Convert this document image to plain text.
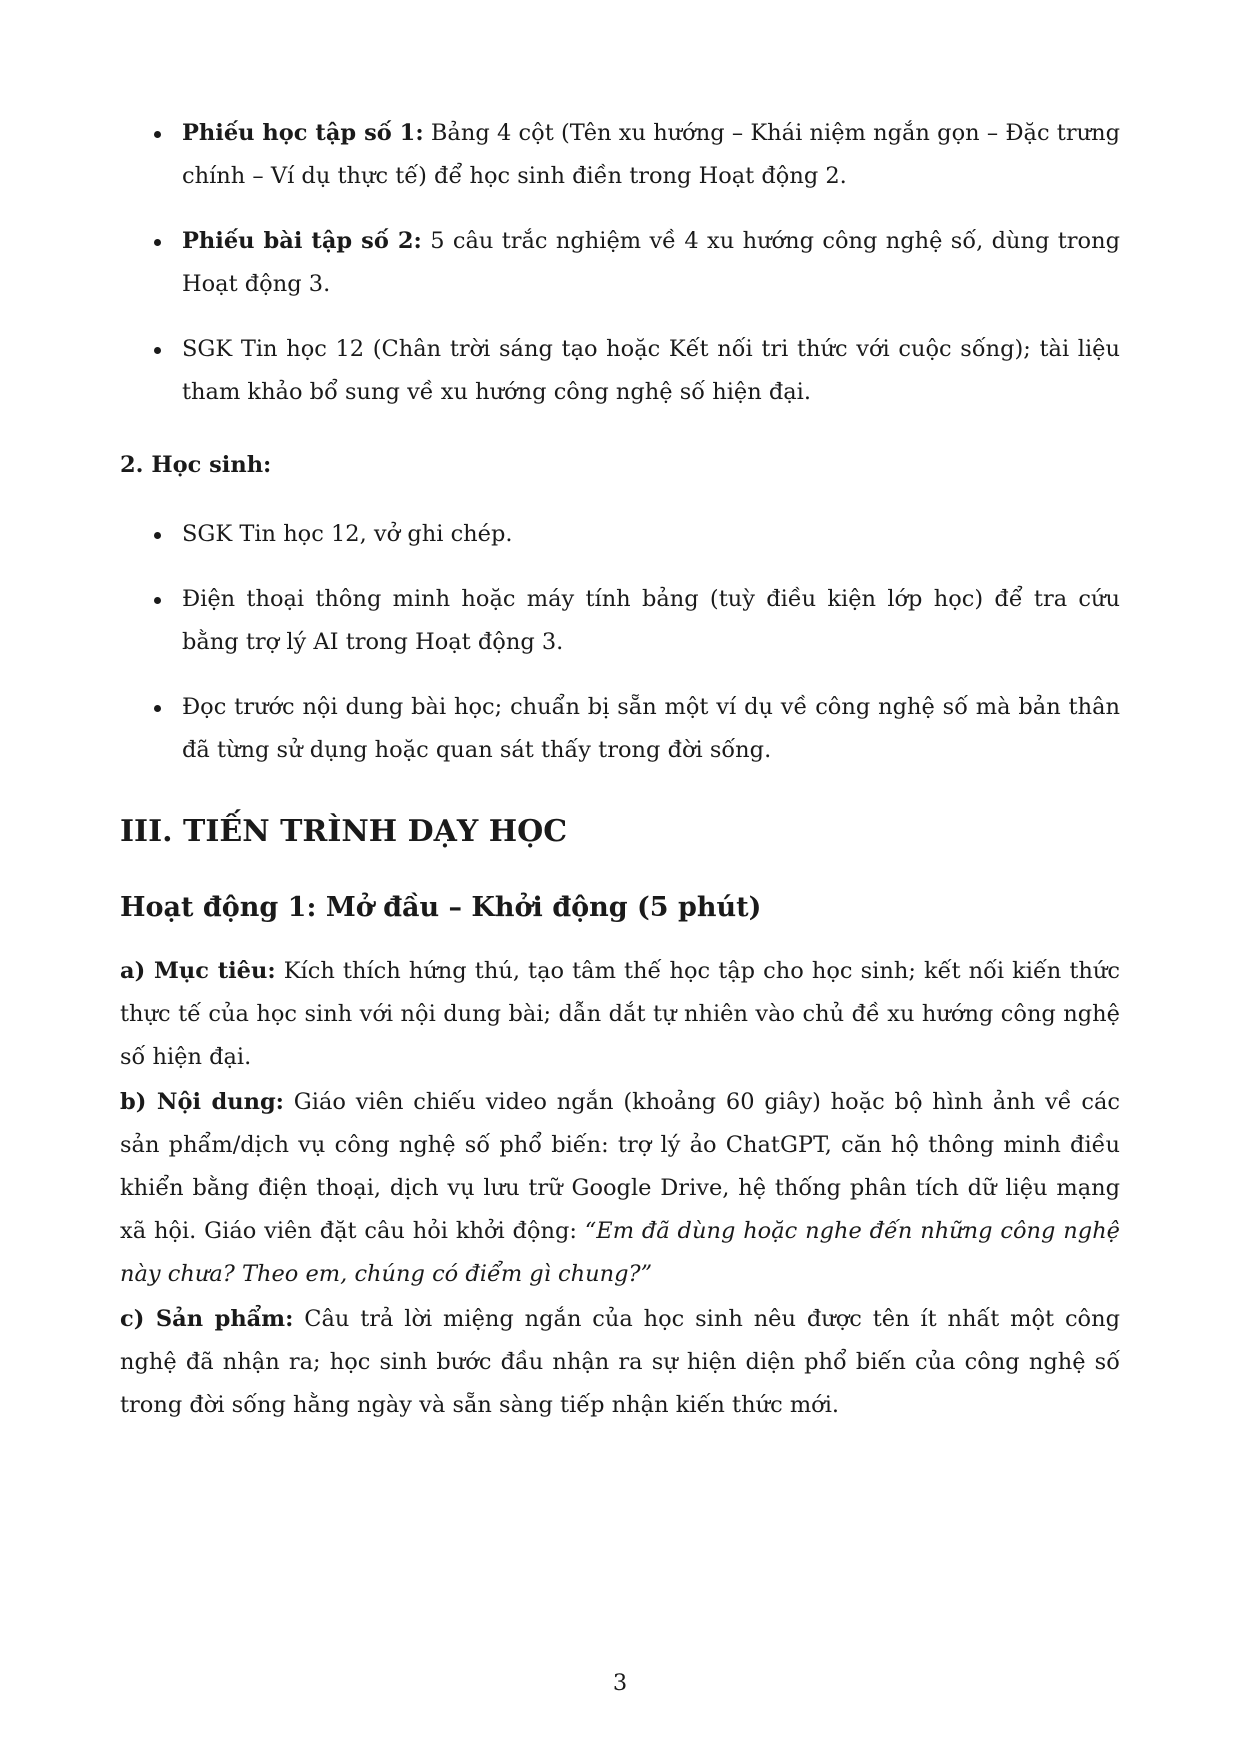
Phiếu học tập số 1: Bảng 4 cột (Tên xu hướng – Khái niệm ngắn gọn – Đặc trưng chính – Ví dụ thực tế) để học sinh điền trong Hoạt động 2.
Phiếu bài tập số 2: 5 câu trắc nghiệm về 4 xu hướng công nghệ số, dùng trong Hoạt động 3.
SGK Tin học 12 (Chân trời sáng tạo hoặc Kết nối tri thức với cuộc sống); tài liệu tham khảo bổ sung về xu hướng công nghệ số hiện đại.
2. Học sinh:
SGK Tin học 12, vở ghi chép.
Điện thoại thông minh hoặc máy tính bảng (tuỳ điều kiện lớp học) để tra cứu bằng trợ lý AI trong Hoạt động 3.
Đọc trước nội dung bài học; chuẩn bị sẵn một ví dụ về công nghệ số mà bản thân đã từng sử dụng hoặc quan sát thấy trong đời sống.
III. TIẾN TRÌNH DẠY HỌC
Hoạt động 1: Mở đầu – Khởi động (5 phút)

a) Mục tiêu: Kích thích hứng thú, tạo tâm thế học tập cho học sinh; kết nối kiến thức thực tế của học sinh với nội dung bài; dẫn dắt tự nhiên vào chủ đề xu hướng công nghệ số hiện đại.

b) Nội dung: Giáo viên chiếu video ngắn (khoảng 60 giây) hoặc bộ hình ảnh về các sản phẩm/dịch vụ công nghệ số phổ biến: trợ lý ảo ChatGPT, căn hộ thông minh điều khiển bằng điện thoại, dịch vụ lưu trữ Google Drive, hệ thống phân tích dữ liệu mạng xã hội. Giáo viên đặt câu hỏi khởi động: “Em đã dùng hoặc nghe đến những công nghệ này chưa? Theo em, chúng có điểm gì chung?”

c) Sản phẩm: Câu trả lời miệng ngắn của học sinh nêu được tên ít nhất một công nghệ đã nhận ra; học sinh bước đầu nhận ra sự hiện diện phổ biến của công nghệ số trong đời sống hằng ngày và sẵn sàng tiếp nhận kiến thức mới.

3
